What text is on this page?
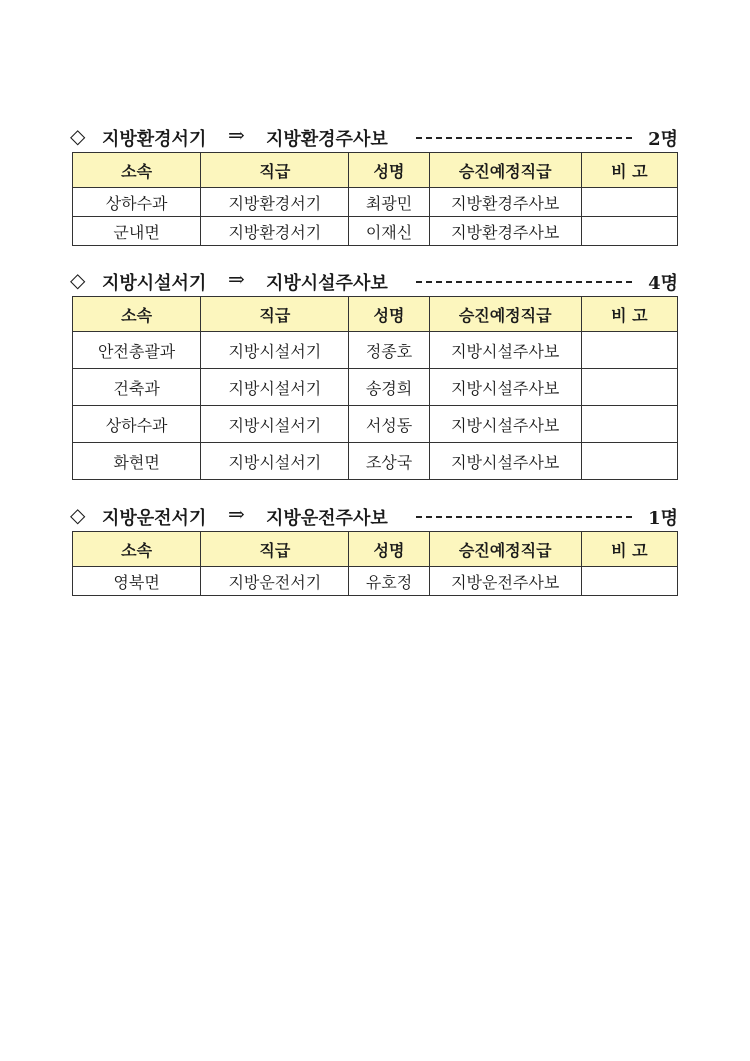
◇ 지방환경서기 ⇒ 지방환경주사보	2명
소속	직급	성명	승진예정직급	비 고
상하수과	지방환경서기	최광민	지방환경주사보	
군내면	지방환경서기	이재신	지방환경주사보	
◇ 지방시설서기 ⇒ 지방시설주사보	4명
소속	직급	성명	승진예정직급	비 고
안전총괄과	지방시설서기	정종호	지방시설주사보	
건축과	지방시설서기	송경희	지방시설주사보	
상하수과	지방시설서기	서성동	지방시설주사보	
화현면	지방시설서기	조상국	지방시설주사보	
◇ 지방운전서기 ⇒ 지방운전주사보	1명
소속	직급	성명	승진예정직급	비 고
영북면	지방운전서기	유호정	지방운전주사보	
